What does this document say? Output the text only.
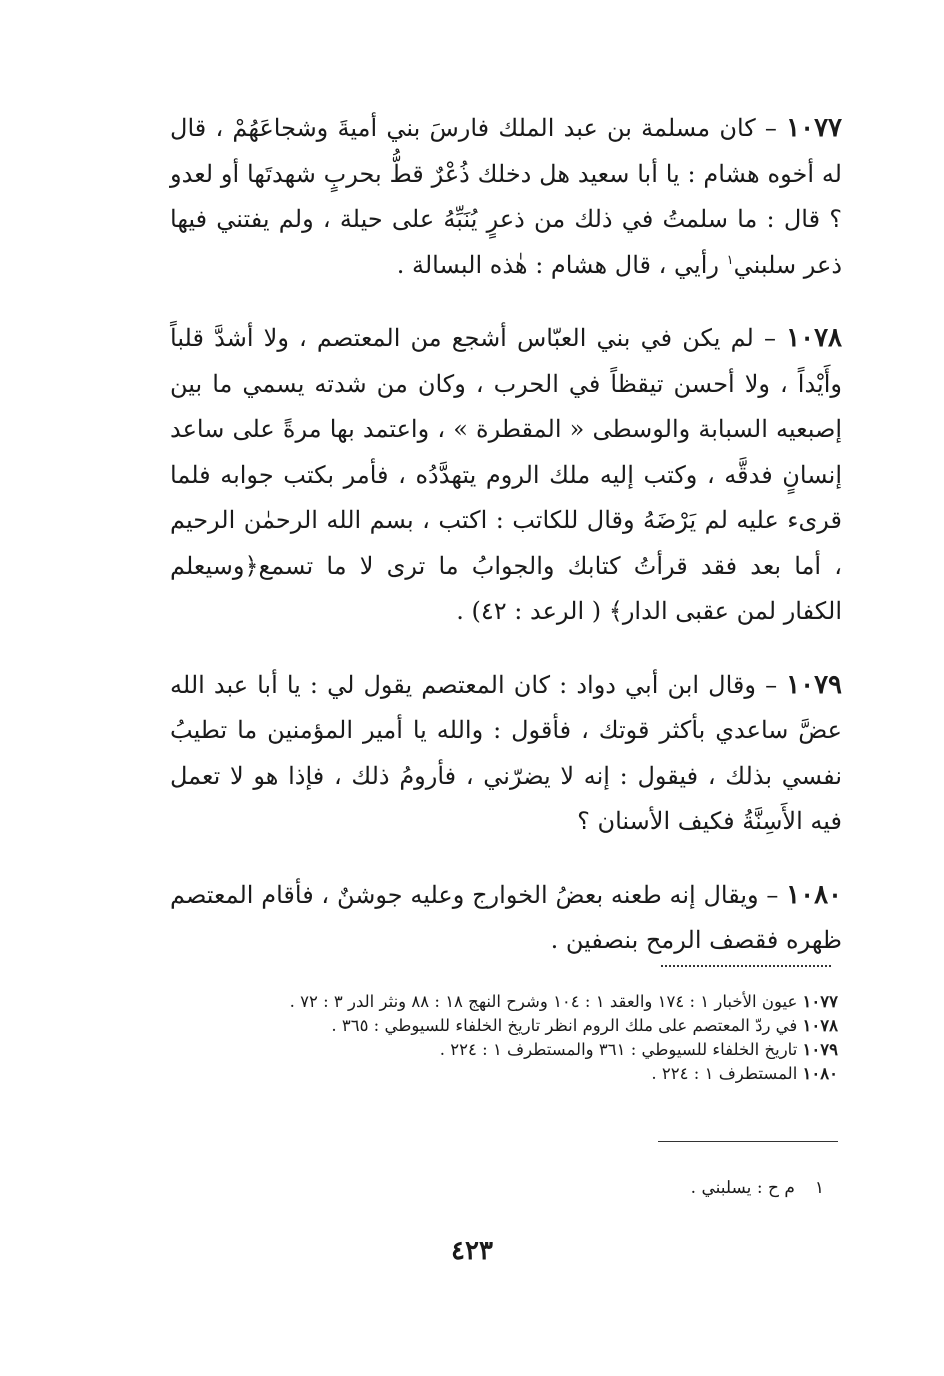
١٠٧٧ – كان مسلمة بن عبد الملك فارسَ بني أميةَ وشجاعَهُمْ ، قال له أخوه هشام : يا أبا سعيد هل دخلك ذُعْرٌ قطُّ بحربٍ شهدتَها أو لعدو ؟ قال : ما سلمتُ في ذلك من ذعرٍ يُنَبِّهُ على حيلة ، ولم يفتني فيها ذعر سلبني$^١$ رأيي ، قال هشام : هٰذه البسالة .

١٠٧٨ – لم يكن في بني العبّاس أشجع من المعتصم ، ولا أشدَّ قلباً وأَيْداً ، ولا أحسن تيقظاً في الحرب ، وكان من شدته يسمي ما بين إصبعيه السبابة والوسطى « المقطرة » ، واعتمد بها مرةً على ساعد إنسانٍ فدقَّه ، وكتب إليه ملك الروم يتهدَّدُه ، فأمر بكتب جوابه فلما قرىء عليه لم يَرْضَهُ وقال للكاتب : اكتب ، بسم الله الرحمٰن الرحيم ، أما بعد فقد قرأتُ كتابك والجوابُ ما ترى لا ما تسمع﴿وسيعلم الكفار لمن عقبى الدار﴾ ( الرعد : ٤٢) .

١٠٧٩ – وقال ابن أبي دواد : كان المعتصم يقول لي : يا أبا عبد الله عضَّ ساعدي بأكثر قوتك ، فأقول : والله يا أمير المؤمنين ما تطيبُ نفسي بذلك ، فيقول : إنه لا يضرّني ، فأرومُ ذلك ، فإذا هو لا تعمل فيه الأَسِنَّةُ فكيف الأسنان ؟

١٠٨٠ – ويقال إنه طعنه بعضُ الخوارج وعليه جوشنٌ ، فأقام المعتصم ظهره فقصف الرمح بنصفين .

١٠٧٧ عيون الأخبار ١ : ١٧٤ والعقد ١ : ١٠٤ وشرح النهج ١٨ : ٨٨ ونثر الدر ٣ : ٧٢ .
١٠٧٨ في ردّ المعتصم على ملك الروم انظر تاريخ الخلفاء للسيوطي : ٣٦٥ .
١٠٧٩ تاريخ الخلفاء للسيوطي : ٣٦١ والمستطرف ١ : ٢٢٤ .
١٠٨٠ المستطرف ١ : ٢٢٤ .
١م ح : يسلبني .
٤٢٣
